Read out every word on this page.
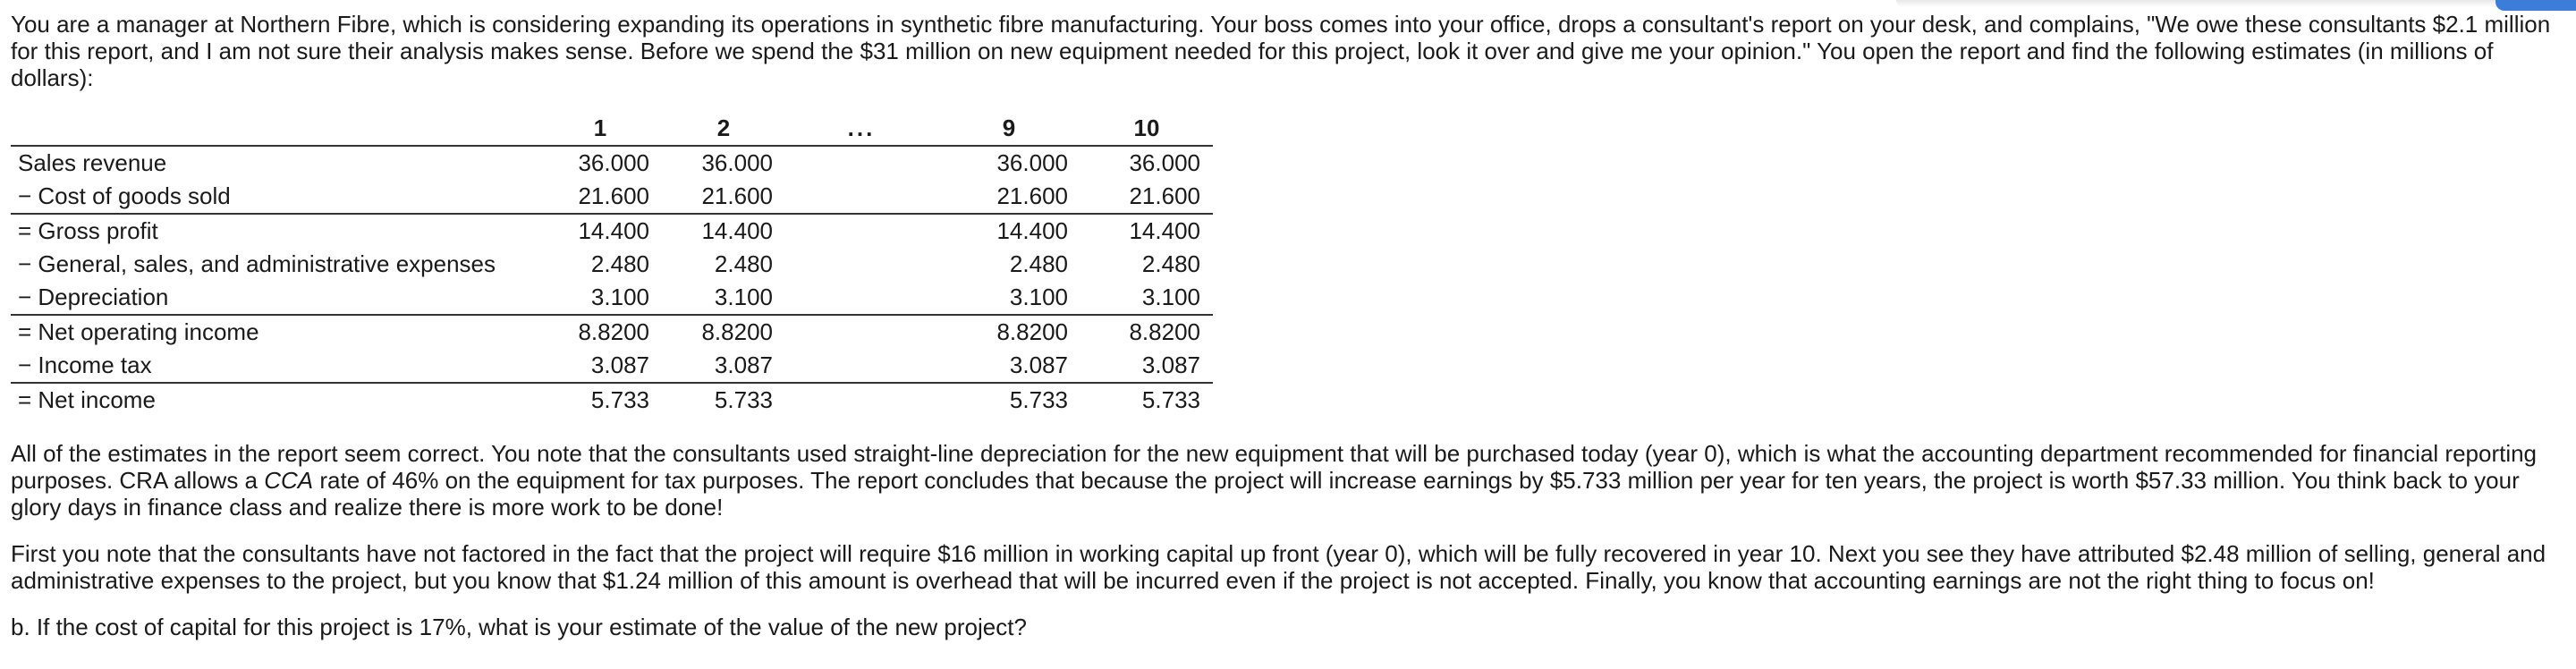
You are a manager at Northern Fibre, which is considering expanding its operations in synthetic fibre manufacturing. Your boss comes into your office, drops a consultant's report on your desk, and complains, "We owe these consultants $2.1 million for this report, and I am not sure their analysis makes sense. Before we spend the $31 million on new equipment needed for this project, look it over and give me your opinion." You open the report and find the following estimates (in millions of dollars):

	1	2	...	9	10
Sales revenue	36.000	36.000		36.000	36.000
− Cost of goods sold	21.600	21.600		21.600	21.600
= Gross profit	14.400	14.400		14.400	14.400
− General, sales, and administrative expenses	2.480	2.480		2.480	2.480
− Depreciation	3.100	3.100		3.100	3.100
= Net operating income	8.8200	8.8200		8.8200	8.8200
− Income tax	3.087	3.087		3.087	3.087
= Net income	5.733	5.733		5.733	5.733

All of the estimates in the report seem correct. You note that the consultants used straight-line depreciation for the new equipment that will be purchased today (year 0), which is what the accounting department recommended for financial reporting purposes. CRA allows a CCA rate of 46% on the equipment for tax purposes. The report concludes that because the project will increase earnings by $5.733 million per year for ten years, the project is worth $57.33 million. You think back to your glory days in finance class and realize there is more work to be done!

First you note that the consultants have not factored in the fact that the project will require $16 million in working capital up front (year 0), which will be fully recovered in year 10. Next you see they have attributed $2.48 million of selling, general and administrative expenses to the project, but you know that $1.24 million of this amount is overhead that will be incurred even if the project is not accepted. Finally, you know that accounting earnings are not the right thing to focus on!

b. If the cost of capital for this project is 17%, what is your estimate of the value of the new project?
